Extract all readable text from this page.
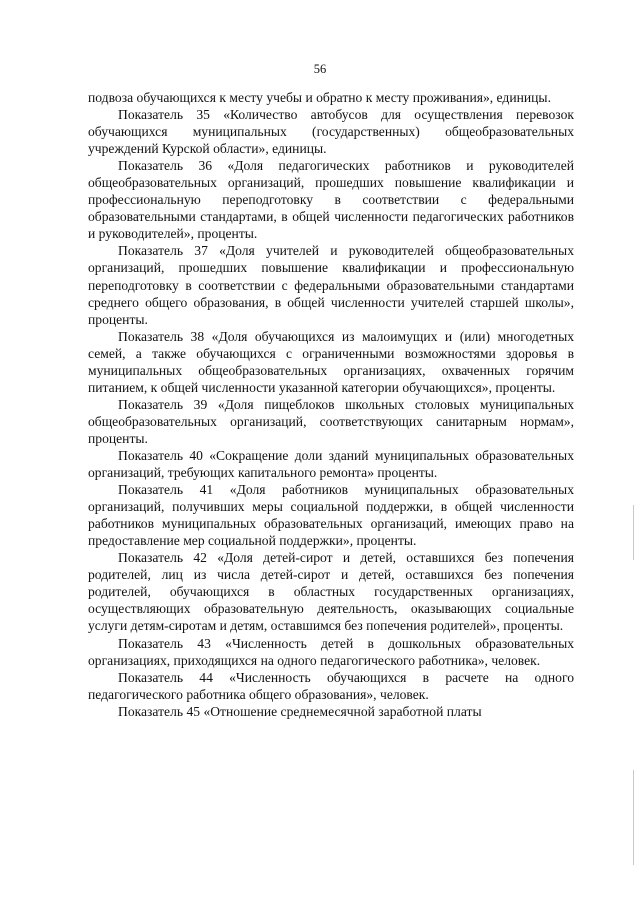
56

подвоза обучающихся к месту учебы и обратно к месту проживания», единицы.

Показатель 35 «Количество автобусов для осуществления перевозок обучающихся муниципальных (государственных) общеобразовательных учреждений Курской области», единицы.

Показатель 36 «Доля педагогических работников и руководителей общеобразовательных организаций, прошедших повышение квалификации и профессиональную переподготовку в соответствии с федеральными образовательными стандартами, в общей численности педагогических работников и руководителей», проценты.

Показатель 37 «Доля учителей и руководителей общеобразовательных организаций, прошедших повышение квалификации и профессиональную переподготовку в соответствии с федеральными образовательными стандартами среднего общего образования, в общей численности учителей старшей школы», проценты.

Показатель 38 «Доля обучающихся из малоимущих и (или) многодетных семей, а также обучающихся с ограниченными возможностями здоровья в муниципальных общеобразовательных организациях, охваченных горячим питанием, к общей численности указанной категории обучающихся», проценты.

Показатель 39 «Доля пищеблоков школьных столовых муниципальных общеобразовательных организаций, соответствующих санитарным нормам», проценты.

Показатель 40 «Сокращение доли зданий муниципальных образовательных организаций, требующих капитального ремонта» проценты.

Показатель 41 «Доля работников муниципальных образовательных организаций, получивших меры социальной поддержки, в общей численности работников муниципальных образовательных организаций, имеющих право на предоставление мер социальной поддержки», проценты.

Показатель 42 «Доля детей-сирот и детей, оставшихся без попечения родителей, лиц из числа детей-сирот и детей, оставшихся без попечения родителей, обучающихся в областных государственных организациях, осуществляющих образовательную деятельность, оказывающих социальные услуги детям-сиротам и детям, оставшимся без попечения родителей», проценты.

Показатель 43 «Численность детей в дошкольных образовательных организациях, приходящихся на одного педагогического работника», человек.

Показатель 44 «Численность обучающихся в расчете на одного педагогического работника общего образования», человек.

Показатель 45 «Отношение среднемесячной заработной платы
